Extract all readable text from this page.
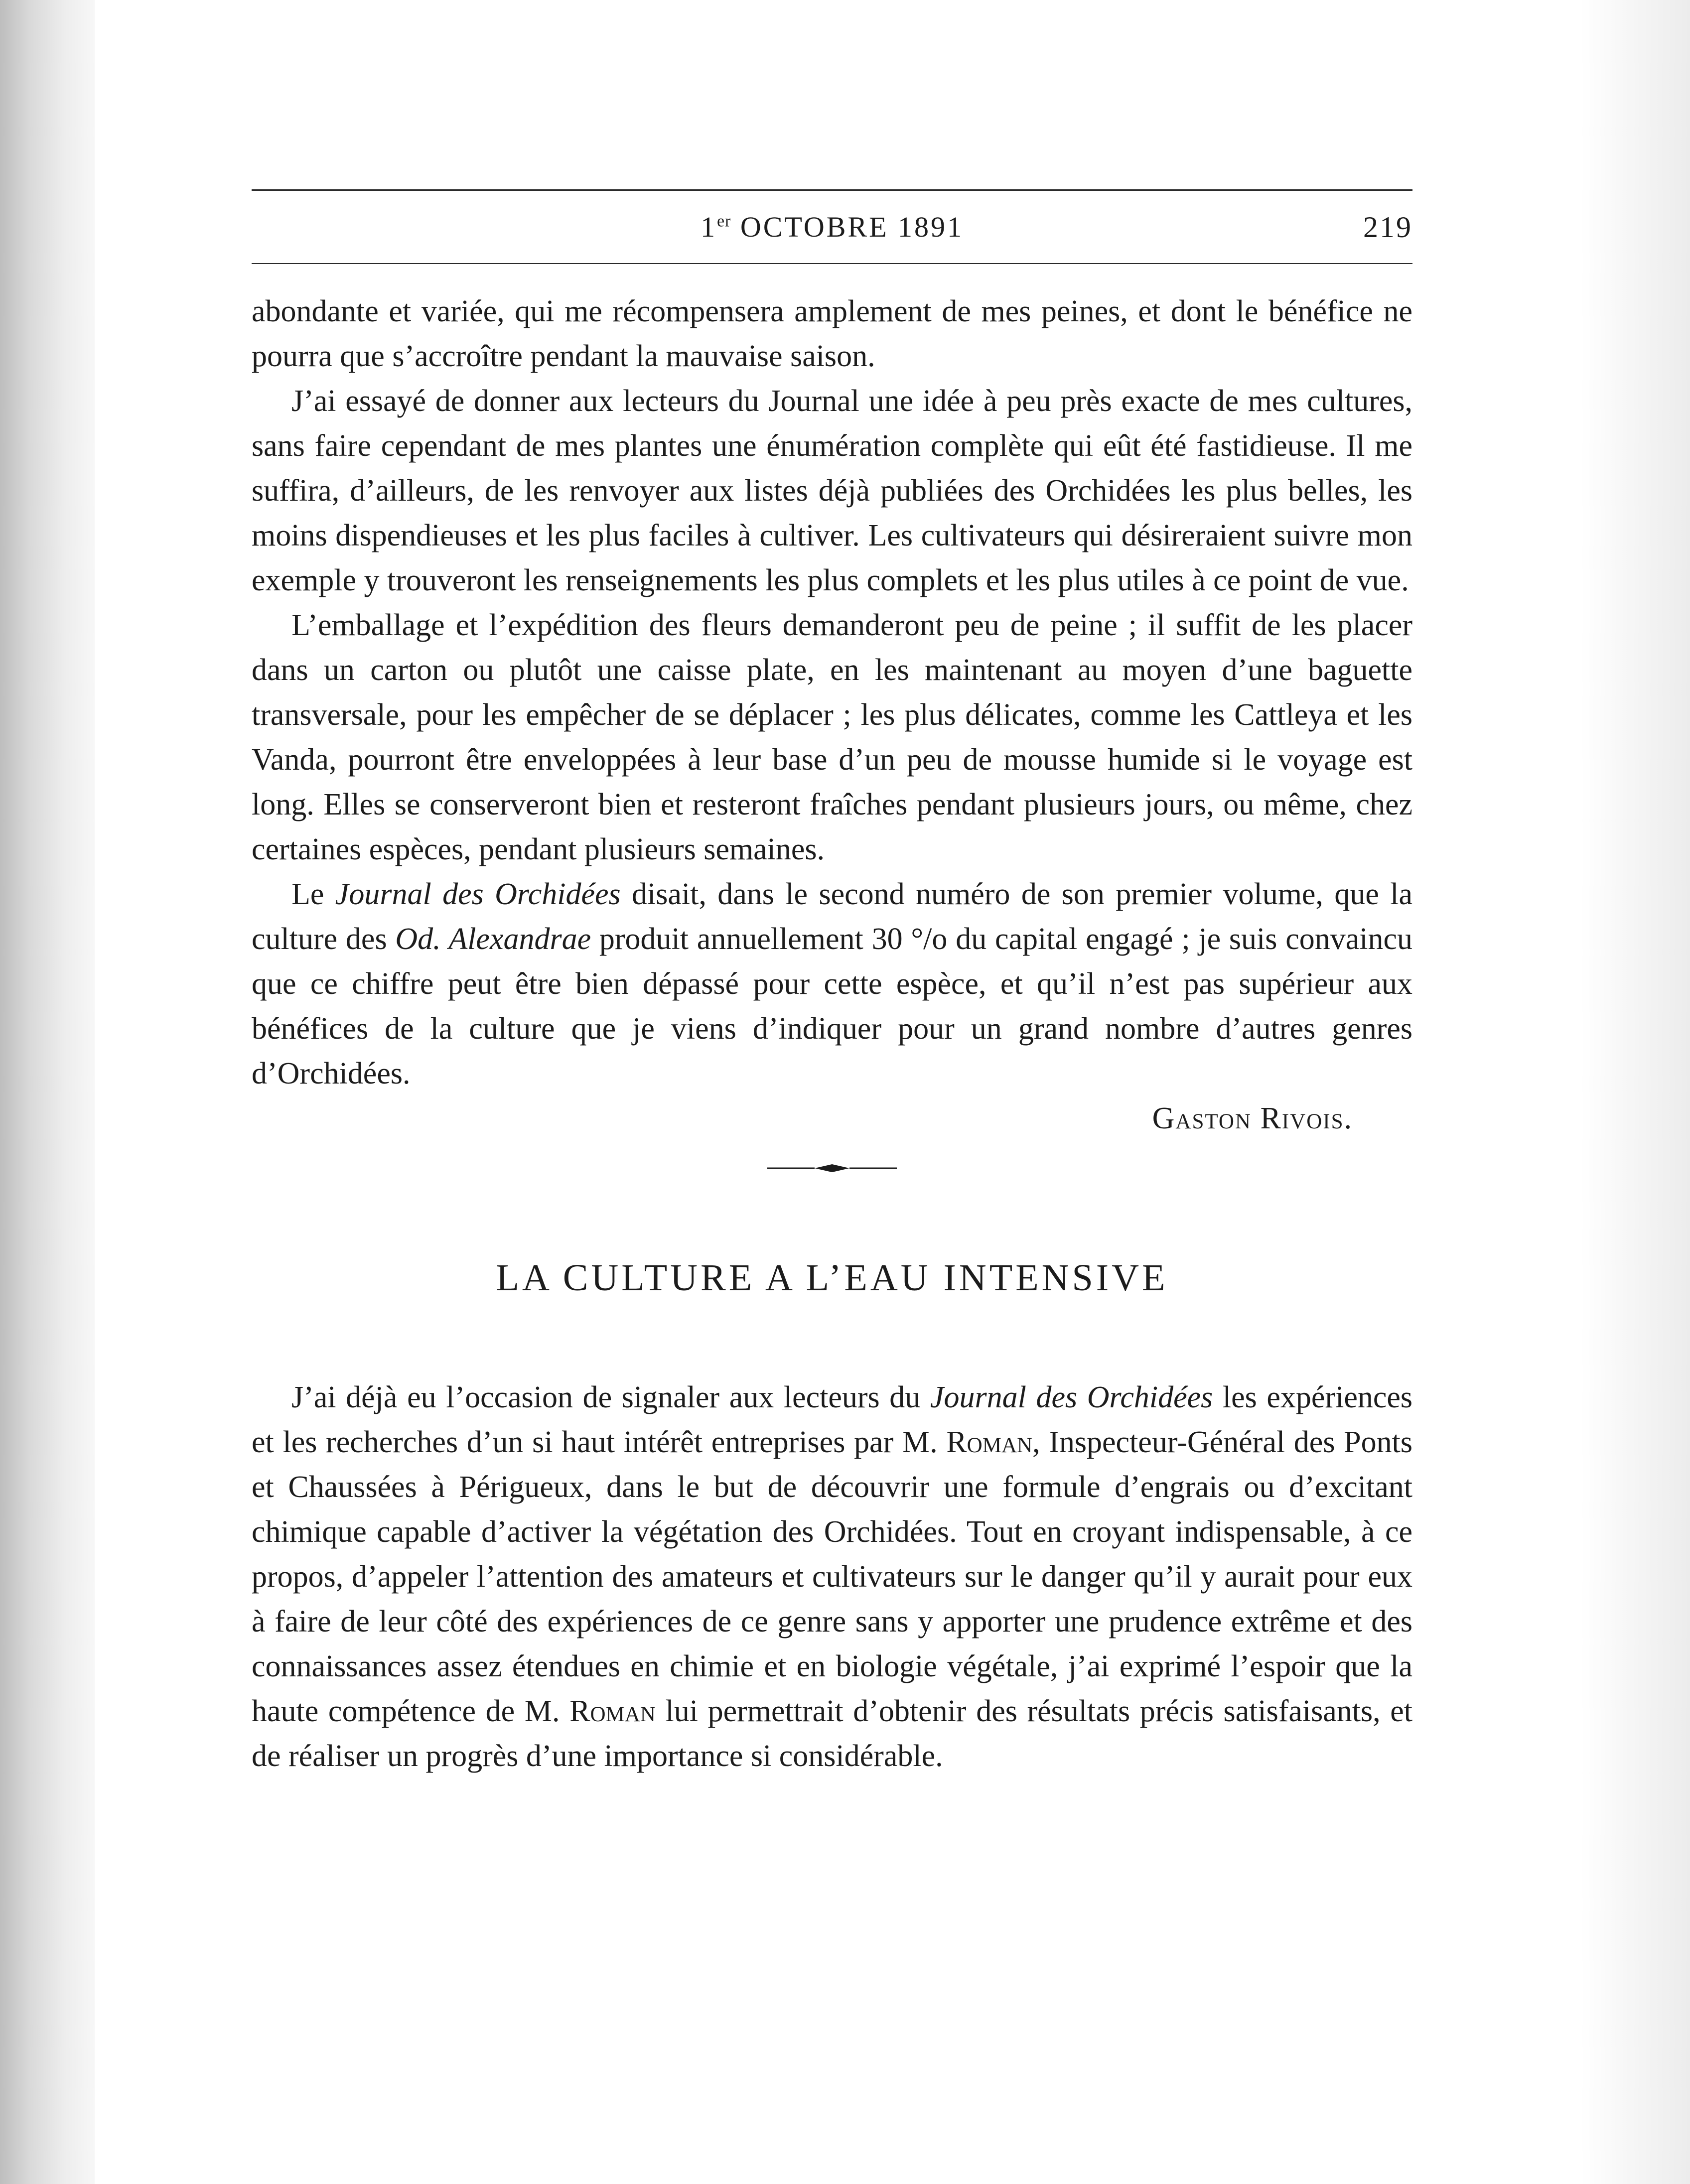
1er OCTOBRE 1891	219

abondante et variée, qui me récompensera amplement de mes peines, et dont le bénéfice ne pourra que s’accroître pendant la mauvaise saison.

J’ai essayé de donner aux lecteurs du Journal une idée à peu près exacte de mes cultures, sans faire cependant de mes plantes une énumération complète qui eût été fastidieuse. Il me suffira, d’ailleurs, de les renvoyer aux listes déjà publiées des Orchidées les plus belles, les moins dispendieuses et les plus faciles à cultiver. Les cultivateurs qui désireraient suivre mon exemple y trouveront les renseignements les plus complets et les plus utiles à ce point de vue.

L’emballage et l’expédition des fleurs demanderont peu de peine ; il suffit de les placer dans un carton ou plutôt une caisse plate, en les maintenant au moyen d’une baguette transversale, pour les empêcher de se déplacer ; les plus délicates, comme les Cattleya et les Vanda, pourront être enveloppées à leur base d’un peu de mousse humide si le voyage est long. Elles se conserveront bien et resteront fraîches pendant plusieurs jours, ou même, chez certaines espèces, pendant plusieurs semaines.

Le Journal des Orchidées disait, dans le second numéro de son premier volume, que la culture des Od. Alexandrae produit annuellement 30 °/o du capital engagé ; je suis convaincu que ce chiffre peut être bien dépassé pour cette espèce, et qu’il n’est pas supérieur aux bénéfices de la culture que je viens d’indiquer pour un grand nombre d’autres genres d’Orchidées.

Gaston Rivois.

LA CULTURE A L’EAU INTENSIVE

J’ai déjà eu l’occasion de signaler aux lecteurs du Journal des Orchidées les expériences et les recherches d’un si haut intérêt entreprises par M. Roman, Inspecteur-Général des Ponts et Chaussées à Périgueux, dans le but de découvrir une formule d’engrais ou d’excitant chimique capable d’activer la végétation des Orchidées. Tout en croyant indispensable, à ce propos, d’appeler l’attention des amateurs et cultivateurs sur le danger qu’il y aurait pour eux à faire de leur côté des expériences de ce genre sans y apporter une prudence extrême et des connaissances assez étendues en chimie et en biologie végétale, j’ai exprimé l’espoir que la haute compétence de M. Roman lui permettrait d’obtenir des résultats précis satisfaisants, et de réaliser un progrès d’une importance si considérable.
